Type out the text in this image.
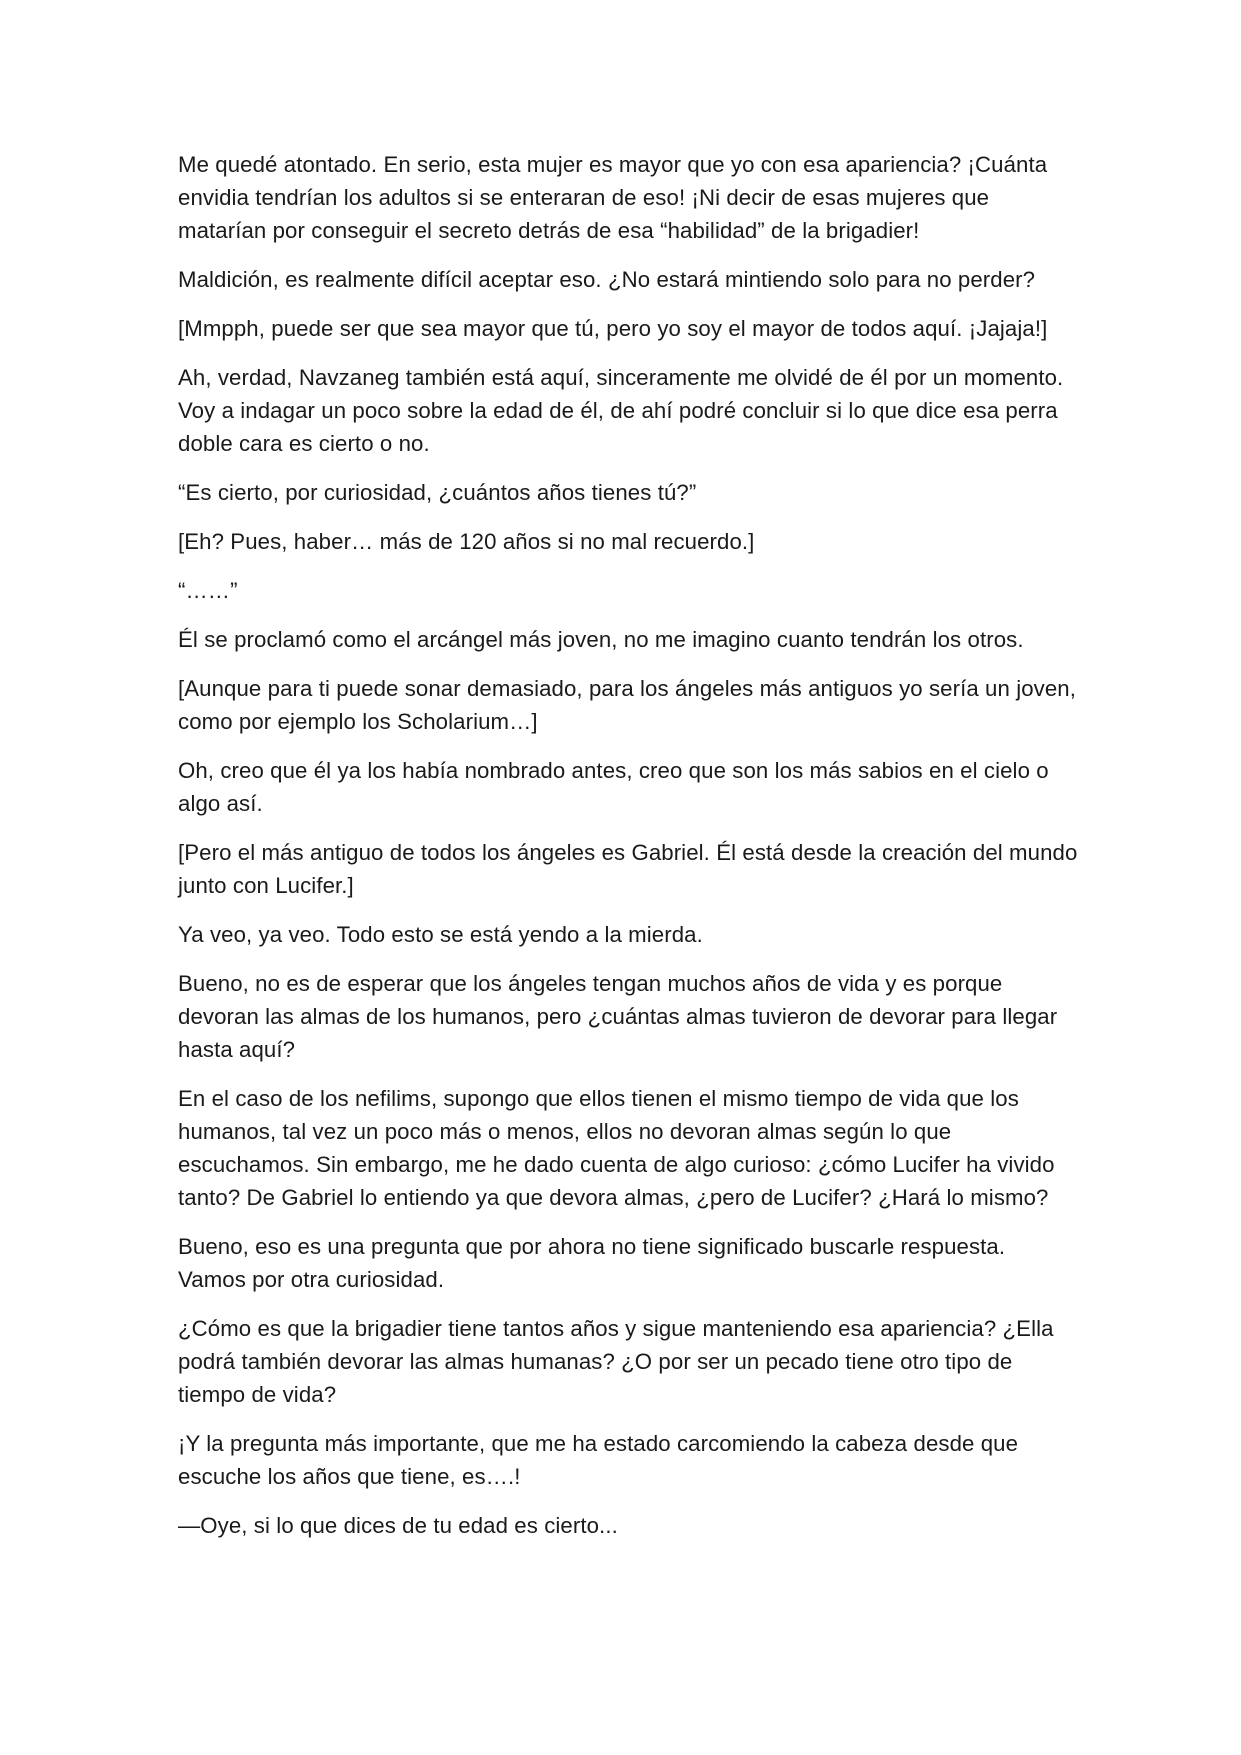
Me quedé atontado. En serio, esta mujer es mayor que yo con esa apariencia? ¡Cuánta envidia tendrían los adultos si se enteraran de eso! ¡Ni decir de esas mujeres que matarían por conseguir el secreto detrás de esa “habilidad” de la brigadier!

Maldición, es realmente difícil aceptar eso. ¿No estará mintiendo solo para no perder?

[Mmpph, puede ser que sea mayor que tú, pero yo soy el mayor de todos aquí. ¡Jajaja!]

Ah, verdad, Navzaneg también está aquí, sinceramente me olvidé de él por un momento. Voy a indagar un poco sobre la edad de él, de ahí podré concluir si lo que dice esa perra doble cara es cierto o no.

“Es cierto, por curiosidad, ¿cuántos años tienes tú?”

[Eh? Pues, haber… más de 120 años si no mal recuerdo.]

“……”

Él se proclamó como el arcángel más joven, no me imagino cuanto tendrán los otros.

[Aunque para ti puede sonar demasiado, para los ángeles más antiguos yo sería un joven, como por ejemplo los Scholarium…]

Oh, creo que él ya los había nombrado antes, creo que son los más sabios en el cielo o algo así.

[Pero el más antiguo de todos los ángeles es Gabriel. Él está desde la creación del mundo junto con Lucifer.]

Ya veo, ya veo. Todo esto se está yendo a la mierda.

Bueno, no es de esperar que los ángeles tengan muchos años de vida y es porque devoran las almas de los humanos, pero ¿cuántas almas tuvieron de devorar para llegar hasta aquí?

En el caso de los nefilims, supongo que ellos tienen el mismo tiempo de vida que los humanos, tal vez un poco más o menos, ellos no devoran almas según lo que escuchamos. Sin embargo, me he dado cuenta de algo curioso: ¿cómo Lucifer ha vivido tanto? De Gabriel lo entiendo ya que devora almas, ¿pero de Lucifer? ¿Hará lo mismo?

Bueno, eso es una pregunta que por ahora no tiene significado buscarle respuesta. Vamos por otra curiosidad.

¿Cómo es que la brigadier tiene tantos años y sigue manteniendo esa apariencia? ¿Ella podrá también devorar las almas humanas? ¿O por ser un pecado tiene otro tipo de tiempo de vida?

¡Y la pregunta más importante, que me ha estado carcomiendo la cabeza desde que escuche los años que tiene, es….!

—Oye, si lo que dices de tu edad es cierto...
